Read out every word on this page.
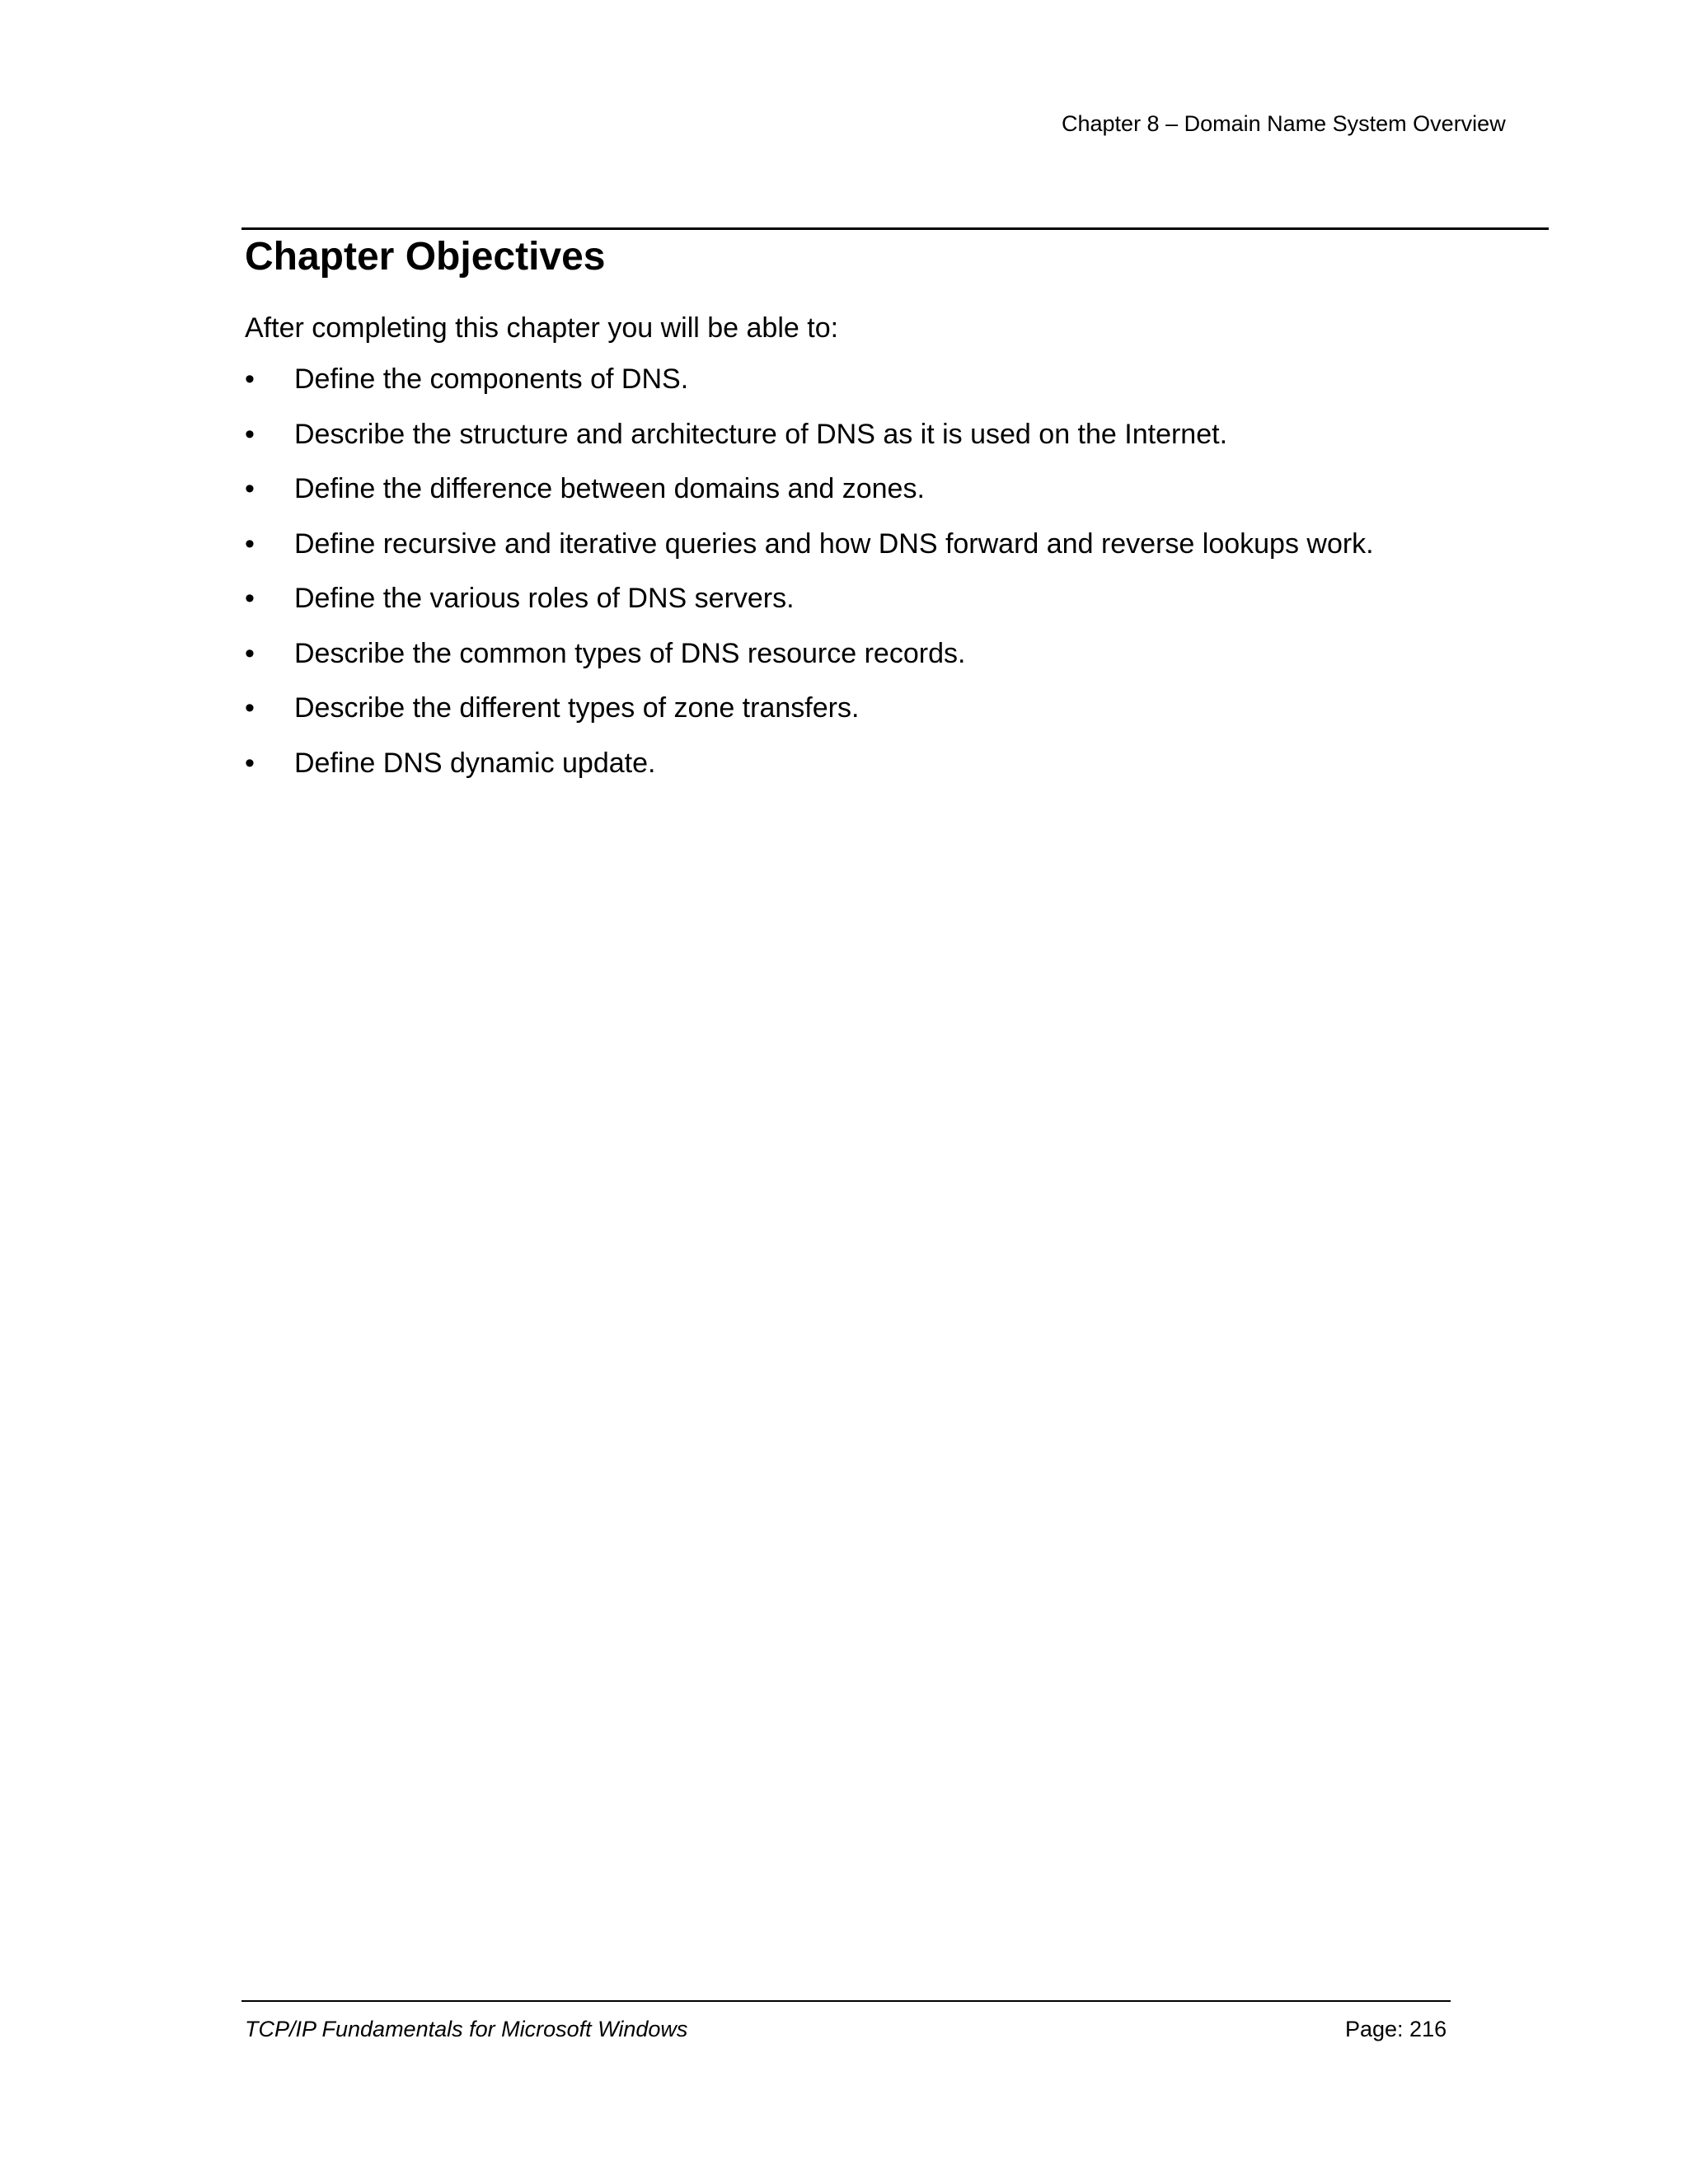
Chapter 8 – Domain Name System Overview
Chapter Objectives

After completing this chapter you will be able to:

• Define the components of DNS.
• Describe the structure and architecture of DNS as it is used on the Internet.
• Define the difference between domains and zones.
• Define recursive and iterative queries and how DNS forward and reverse lookups work.
• Define the various roles of DNS servers.
• Describe the common types of DNS resource records.
• Describe the different types of zone transfers.
• Define DNS dynamic update.
TCP/IP Fundamentals for Microsoft Windows	Page: 216
